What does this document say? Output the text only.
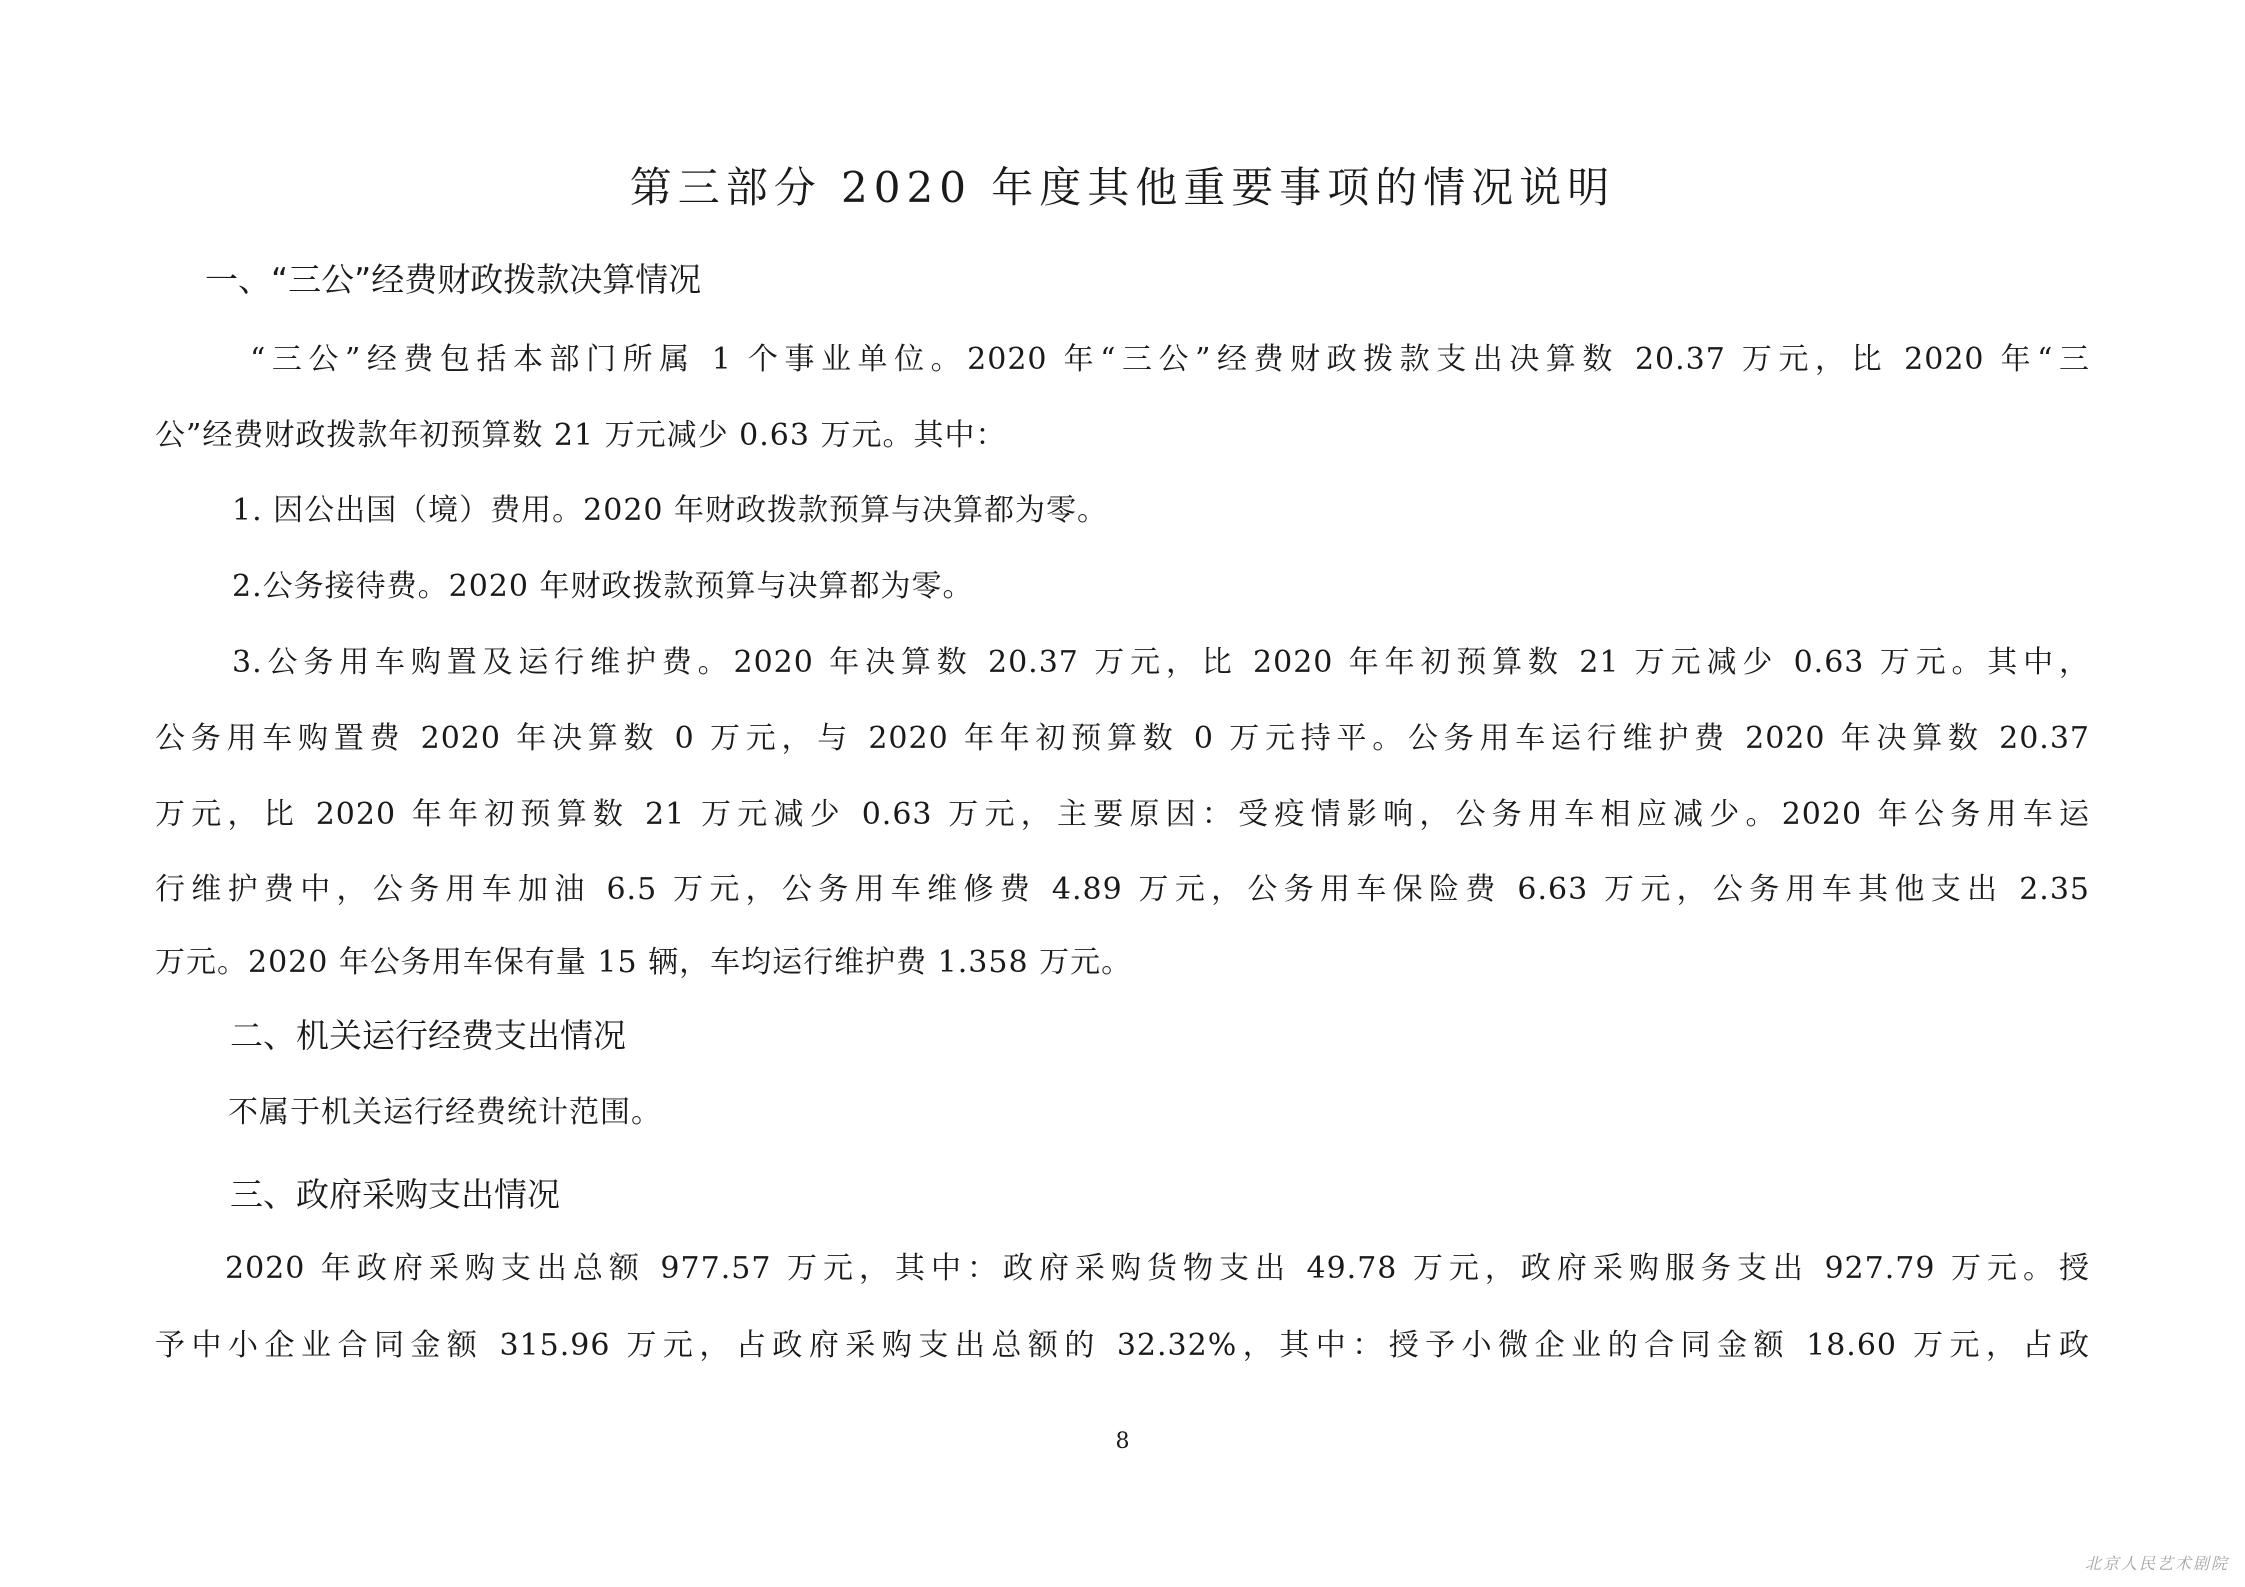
第三部分 2020 年度其他重要事项的情况说明
一、“三公”经费财政拨款决算情况
“三公”经费包括本部门所属 1 个事业单位。2020 年“三公”经费财政拨款支出决算数 20.37 万元，比 2020 年“三
公”经费财政拨款年初预算数 21 万元减少 0.63 万元。其中：
1. 因公出国（境）费用。2020 年财政拨款预算与决算都为零。
2.公务接待费。2020 年财政拨款预算与决算都为零。
3.公务用车购置及运行维护费。2020 年决算数 20.37 万元，比 2020 年年初预算数 21 万元减少 0.63 万元。其中，
公务用车购置费 2020 年决算数 0 万元，与 2020 年年初预算数 0 万元持平。公务用车运行维护费 2020 年决算数 20.37
万元，比 2020 年年初预算数 21 万元减少 0.63 万元，主要原因：受疫情影响，公务用车相应减少。2020 年公务用车运
行维护费中，公务用车加油 6.5 万元，公务用车维修费 4.89 万元，公务用车保险费 6.63 万元，公务用车其他支出 2.35
万元。2020 年公务用车保有量 15 辆，车均运行维护费 1.358 万元。
二、机关运行经费支出情况
不属于机关运行经费统计范围。
三、政府采购支出情况
2020 年政府采购支出总额 977.57 万元，其中：政府采购货物支出 49.78 万元，政府采购服务支出 927.79 万元。授
予中小企业合同金额 315.96 万元，占政府采购支出总额的 32.32%，其中：授予小微企业的合同金额 18.60 万元，占政
8
北京人民艺术剧院
